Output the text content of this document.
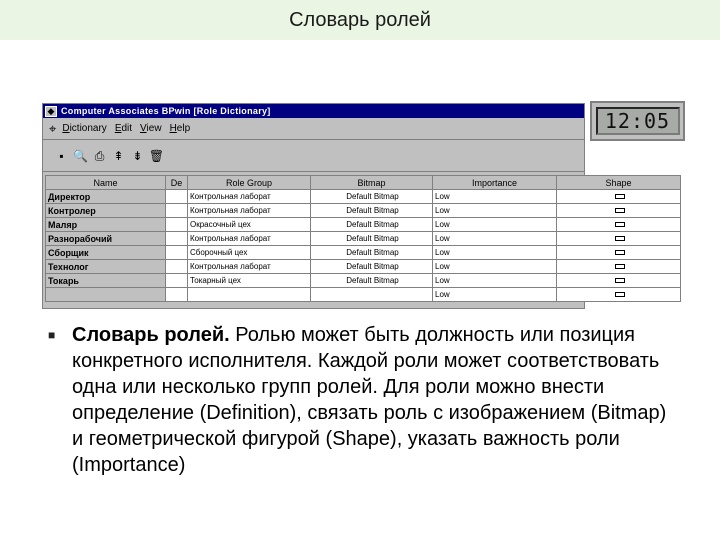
Словарь ролей
◆ Computer Associates BPwin [Role Dictionary]
⌖ Dictionary Edit View Help
▪ 🔍 ⎙ ⇞ ⇟ 🗑
Name	De	Role Group	Bitmap	Importance	Shape
Директор		Контрольная лаборат	Default Bitmap	Low	
Контролер		Контрольная лаборат	Default Bitmap	Low	
Маляр		Окрасочный цех	Default Bitmap	Low	
Разнорабочий		Контрольная лаборат	Default Bitmap	Low	
Сборщик		Сборочный цех	Default Bitmap	Low	
Технолог		Контрольная лаборат	Default Bitmap	Low	
Токарь		Токарный цех	Default Bitmap	Low	
				Low	
12:05
■ Словарь ролей. Ролью может быть должность или позиция конкретного исполнителя. Каждой роли может соответствовать одна или несколько групп ролей. Для роли можно внести определение (Definition), связать роль с изображением (Bitmap) и геометрической фигурой (Shape), указать важность роли (Importance)
